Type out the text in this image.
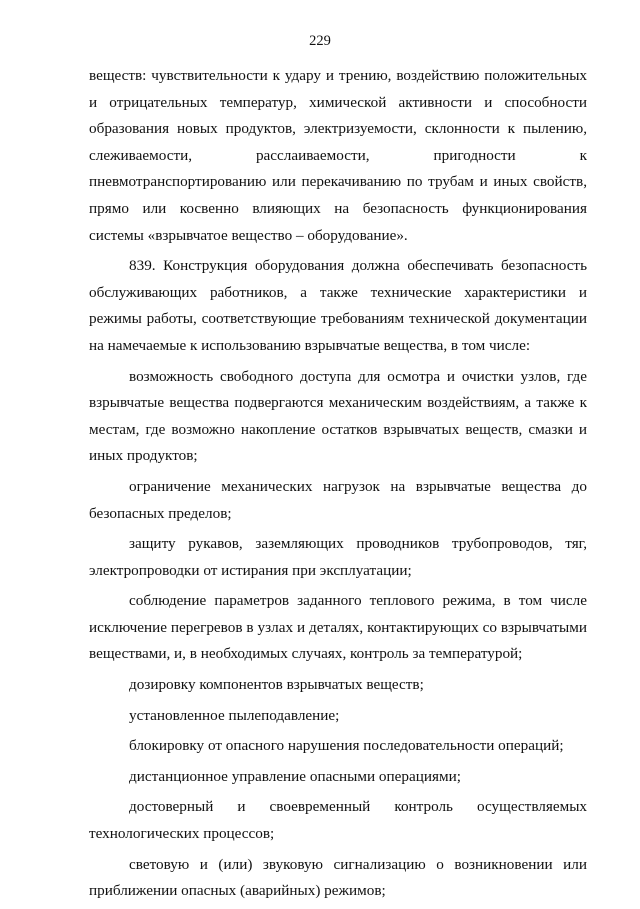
229

веществ: чувствительности к удару и трению, воздействию положительных и отрицательных температур, химической активности и способности образования новых продуктов, электризуемости, склонности к пылению, слеживаемости, расслаиваемости, пригодности к пневмотранспортированию или перекачиванию по трубам и иных свойств, прямо или косвенно влияющих на безопасность функционирования системы «взрывчатое вещество – оборудование».

839. Конструкция оборудования должна обеспечивать безопасность обслуживающих работников, а также технические характеристики и режимы работы, соответствующие требованиям технической документации на намечаемые к использованию взрывчатые вещества, в том числе:

возможность свободного доступа для осмотра и очистки узлов, где взрывчатые вещества подвергаются механическим воздействиям, а также к местам, где возможно накопление остатков взрывчатых веществ, смазки и иных продуктов;

ограничение механических нагрузок на взрывчатые вещества до безопасных пределов;

защиту рукавов, заземляющих проводников трубопроводов, тяг, электропроводки от истирания при эксплуатации;

соблюдение параметров заданного теплового режима, в том числе исключение перегревов в узлах и деталях, контактирующих со взрывчатыми веществами, и, в необходимых случаях, контроль за температурой;

дозировку компонентов взрывчатых веществ;

установленное пылеподавление;

блокировку от опасного нарушения последовательности операций;

дистанционное управление опасными операциями;

достоверный и своевременный контроль осуществляемых технологических процессов;

световую и (или) звуковую сигнализацию о возникновении или приближении опасных (аварийных) режимов;
